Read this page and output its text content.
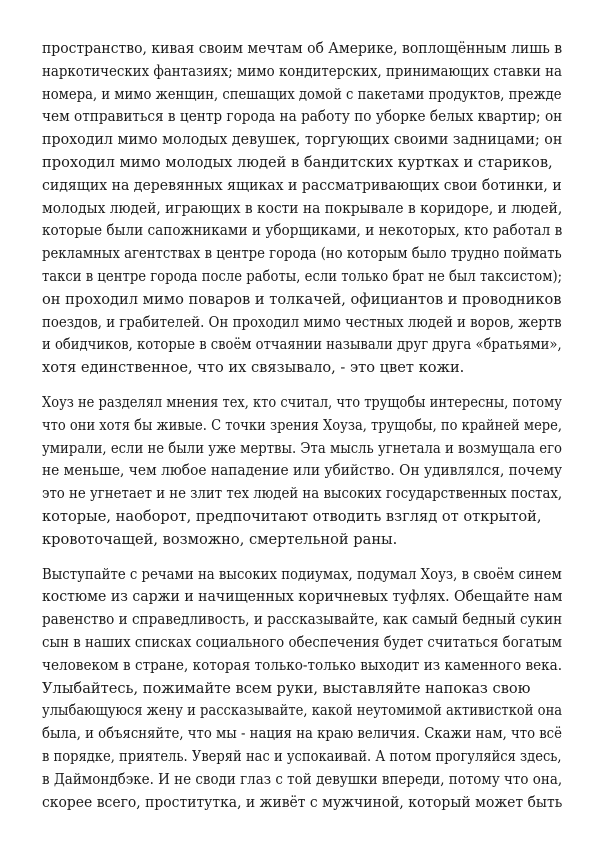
пространство, кивая своим мечтам об Америке, воплощённым лишь в
наркотических фантазиях; мимо кондитерских, принимающих ставки на
номера, и мимо женщин, спешащих домой с пакетами продуктов, прежде
чем отправиться в центр города на работу по уборке белых квартир; он
проходил мимо молодых девушек, торгующих своими задницами; он
проходил мимо молодых людей в бандитских куртках и стариков,
сидящих на деревянных ящиках и рассматривающих свои ботинки, и
молодых людей, играющих в кости на покрывале в коридоре, и людей,
которые были сапожниками и уборщиками, и некоторых, кто работал в
рекламных агентствах в центре города (но которым было трудно поймать
такси в центре города после работы, если только брат не был таксистом);
он проходил мимо поваров и толкачей, официантов и проводников
поездов, и грабителей. Он проходил мимо честных людей и воров, жертв
и обидчиков, которые в своём отчаянии называли друг друга «братьями»,
хотя единственное, что их связывало, - это цвет кожи.

Хоуз не разделял мнения тех, кто считал, что трущобы интересны, потому
что они хотя бы живые. С точки зрения Хоуза, трущобы, по крайней мере,
умирали, если не были уже мертвы. Эта мысль угнетала и возмущала его
не меньше, чем любое нападение или убийство. Он удивлялся, почему
это не угнетает и не злит тех людей на высоких государственных постах,
которые, наоборот, предпочитают отводить взгляд от открытой,
кровоточащей, возможно, смертельной раны.

Выступайте с речами на высоких подиумах, подумал Хоуз, в своём синем
костюме из саржи и начищенных коричневых туфлях. Обещайте нам
равенство и справедливость, и рассказывайте, как самый бедный сукин
сын в наших списках социального обеспечения будет считаться богатым
человеком в стране, которая только-только выходит из каменного века.
Улыбайтесь, пожимайте всем руки, выставляйте напоказ свою
улыбающуюся жену и рассказывайте, какой неутомимой активисткой она
была, и объясняйте, что мы - нация на краю величия. Скажи нам, что всё
в порядке, приятель. Уверяй нас и успокаивай. А потом прогуляйся здесь,
в Даймондбэке. И не своди глаз с той девушки впереди, потому что она,
скорее всего, проститутка, и живёт с мужчиной, который может быть
